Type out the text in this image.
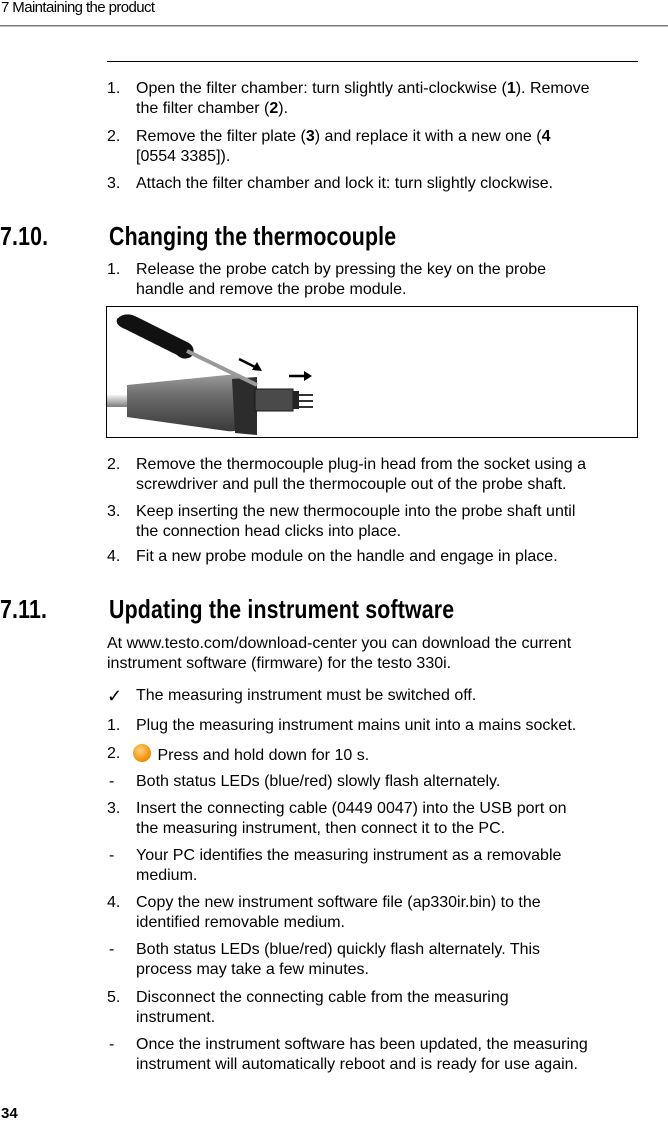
7 Maintaining the product
1. Open the filter chamber: turn slightly anti-clockwise (1). Remove
the filter chamber (2).
2. Remove the filter plate (3) and replace it with a new one (4
[0554 3385]).
3. Attach the filter chamber and lock it: turn slightly clockwise.
7.10. Changing the thermocouple
1. Release the probe catch by pressing the key on the probe
handle and remove the probe module.
2. Remove the thermocouple plug-in head from the socket using a
screwdriver and pull the thermocouple out of the probe shaft.
3. Keep inserting the new thermocouple into the probe shaft until
the connection head clicks into place.
4. Fit a new probe module on the handle and engage in place.
7.11. Updating the instrument software
At www.testo.com/download-center you can download the current
instrument software (firmware) for the testo 330i.
✓ The measuring instrument must be switched off.
1. Plug the measuring instrument mains unit into a mains socket.
2.	Press and hold down for 10 s.
-	Both status LEDs (blue/red) slowly flash alternately.
3. Insert the connecting cable (0449 0047) into the USB port on
the measuring instrument, then connect it to the PC.
-	Your PC identifies the measuring instrument as a removable
medium.
4. Copy the new instrument software file (ap330ir.bin) to the
identified removable medium.
-	Both status LEDs (blue/red) quickly flash alternately. This
process may take a few minutes.
5. Disconnect the connecting cable from the measuring
instrument.
-	Once the instrument software has been updated, the measuring
instrument will automatically reboot and is ready for use again.
34
